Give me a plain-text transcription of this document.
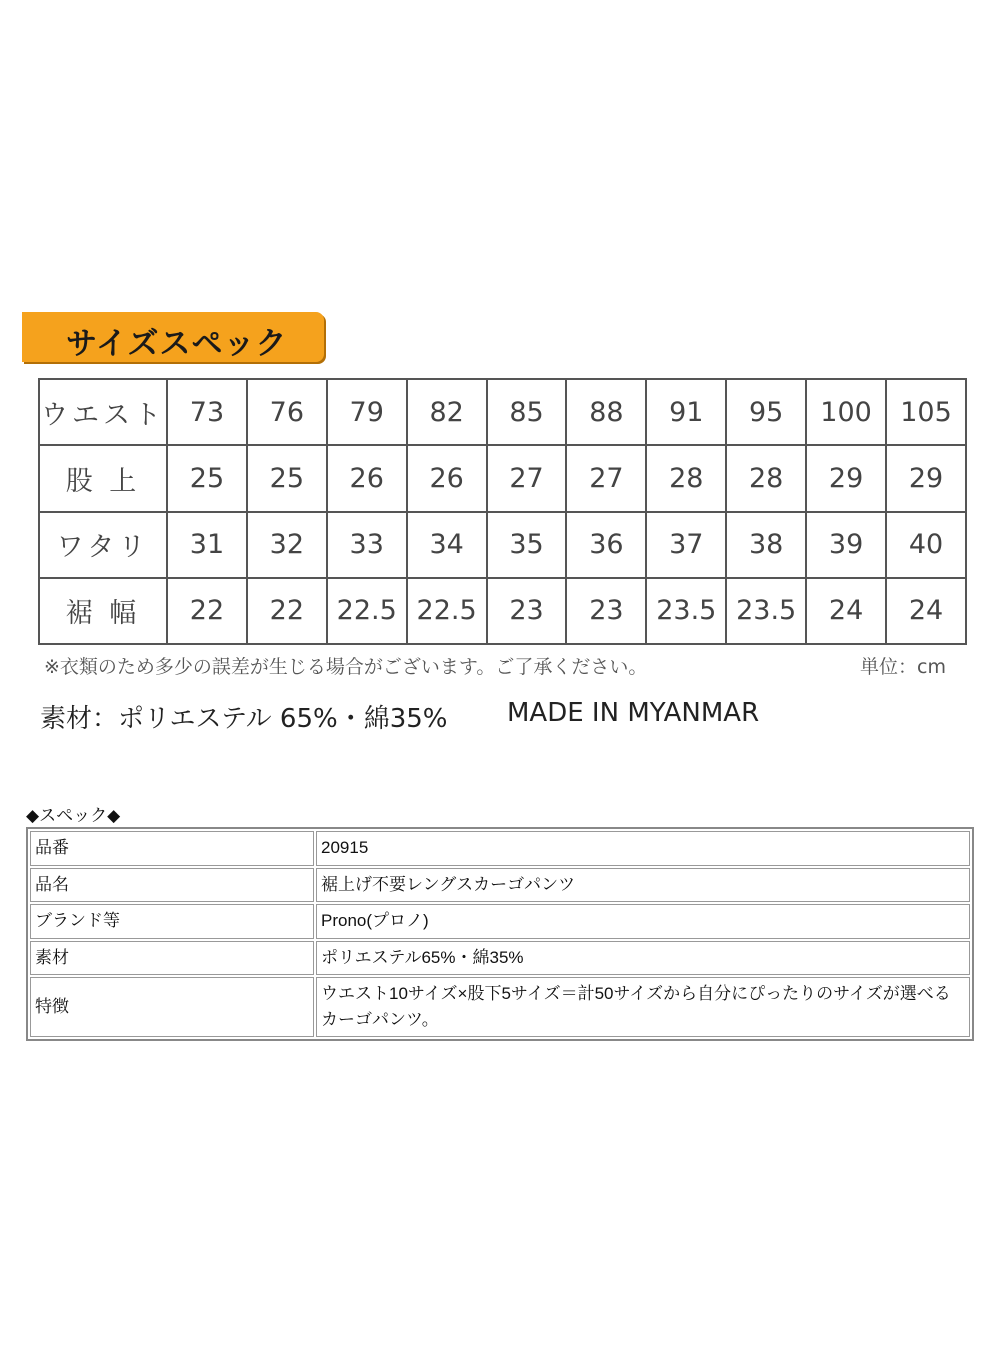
サイズスペック
ウエスト	73	76	79	82	85	88	91	95	100	105
股 上	25	25	26	26	27	27	28	28	29	29
ワタリ	31	32	33	34	35	36	37	38	39	40
裾 幅	22	22	22.5	22.5	23	23	23.5	23.5	24	24
※衣類のため多少の誤差が生じる場合がございます。ご了承ください。	単位：cm
素材：ポリエステル 65%・綿35% MADE IN MYANMAR
◆スペック◆
品番	20915
品名	裾上げ不要レングスカーゴパンツ
ブランド等	Prono(プロノ)
素材	ポリエステル65%・綿35%
特徴	ウエスト10サイズ×股下5サイズ＝計50サイズから自分にぴったりのサイズが選べるカーゴパンツ。
